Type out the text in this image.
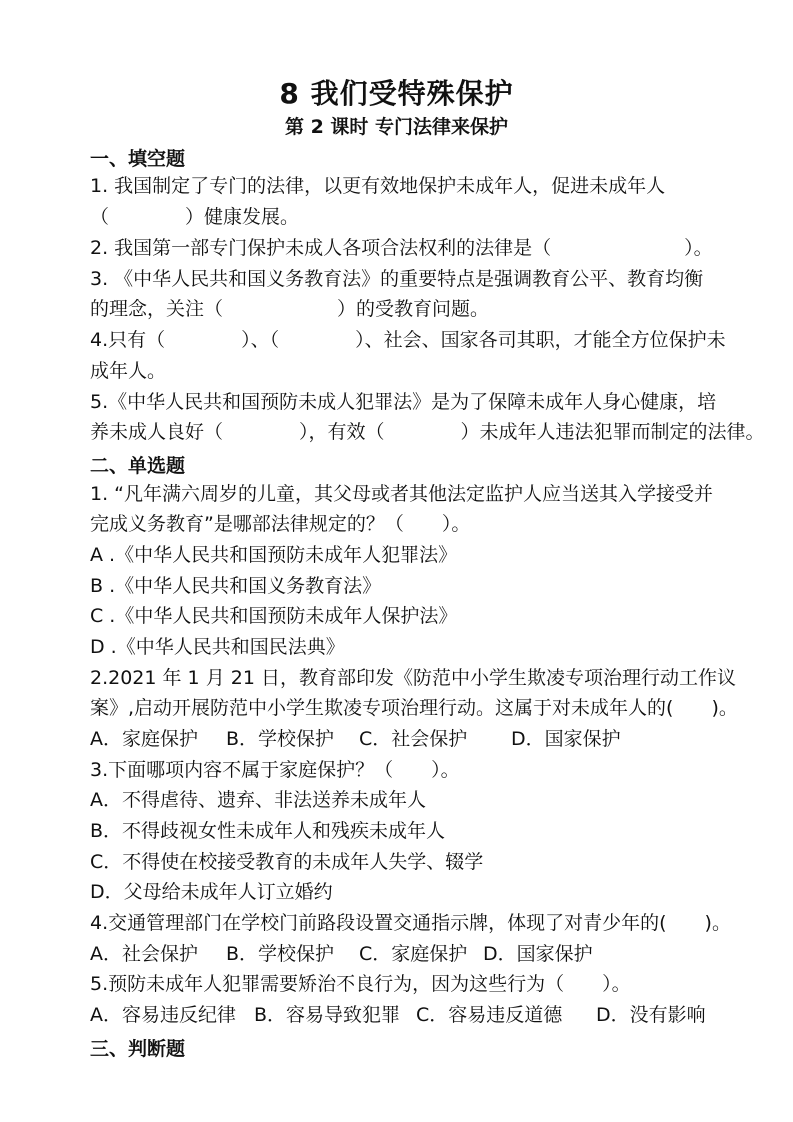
8 我们受特殊保护
第 2 课时 专门法律来保护
一、填空题
1. 我国制定了专门的法律，以更有效地保护未成年人，促进未成年人
（　　　　）健康发展。
2. 我国第一部专门保护未成人各项合法权利的法律是（　　　　　　　）。
3. 《中华人民共和国义务教育法》的重要特点是强调教育公平、教育均衡
的理念，关注（　　　　　　）的受教育问题。
4.只有（　　　　）、（　　　　）、社会、国家各司其职，才能全方位保护未
成年人。
5.《中华人民共和国预防未成人犯罪法》是为了保障未成年人身心健康，培
养未成人良好（　　　　），有效（　　　　）未成年人违法犯罪而制定的法律。
二、单选题
1. “凡年满六周岁的儿童，其父母或者其他法定监护人应当送其入学接受并
完成义务教育”是哪部法律规定的？（　　）。
A .《中华人民共和国预防未成年人犯罪法》
B .《中华人民共和国义务教育法》
C .《中华人民共和国预防未成年人保护法》
D .《中华人民共和国民法典》
2.2021 年 1 月 21 日，教育部印发《防范中小学生欺凌专项治理行动工作议
案》,启动开展防范中小学生欺凌专项治理行动。这属于对未成年人的(　　)。
A．家庭保护	B．学校保护	C．社会保护	D．国家保护
3.下面哪项内容不属于家庭保护？（　　）。
A．不得虐待、遗弃、非法送养未成年人
B．不得歧视女性未成年人和残疾未成年人
C．不得使在校接受教育的未成年人失学、辍学
D．父母给未成年人订立婚约
4.交通管理部门在学校门前路段设置交通指示牌，体现了对青少年的(　　)。
A．社会保护	B．学校保护	C．家庭保护 D．国家保护
5.预防未成年人犯罪需要矫治不良行为，因为这些行为（　　）。
A．容易违反纪律 B．容易导致犯罪 C．容易违反道德	D．没有影响
三、判断题
